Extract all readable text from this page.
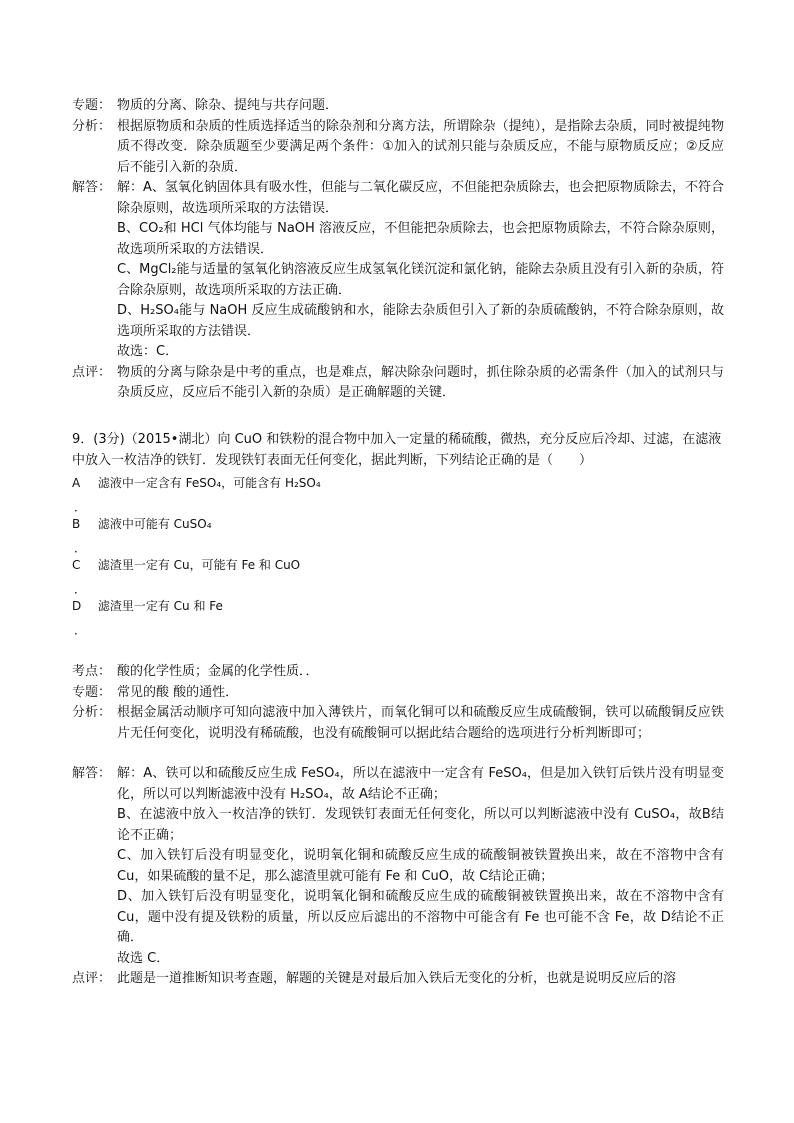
专题： 物质的分离、除杂、提纯与共存问题．
分析： 根据原物质和杂质的性质选择适当的除杂剂和分离方法，所谓除杂（提纯），是指除去杂质，同时被提纯物质不得改变．除杂质题至少要满足两个条件：①加入的试剂只能与杂质反应，不能与原物质反应；②反应后不能引入新的杂质．
解答： 解：A、氢氧化钠固体具有吸水性，但能与二氧化碳反应，不但能把杂质除去，也会把原物质除去，不符合除杂原则，故选项所采取的方法错误．
B、CO₂和 HCl 气体均能与 NaOH 溶液反应，不但能把杂质除去，也会把原物质除去，不符合除杂原则，故选项所采取的方法错误．
C、MgCl₂能与适量的氢氧化钠溶液反应生成氢氧化镁沉淀和氯化钠，能除去杂质且没有引入新的杂质，符合除杂原则，故选项所采取的方法正确．
D、H₂SO₄能与 NaOH 反应生成硫酸钠和水，能除去杂质但引入了新的杂质硫酸钠，不符合除杂原则，故选项所采取的方法错误．
故选：C．
点评： 物质的分离与除杂是中考的重点，也是难点，解决除杂问题时，抓住除杂质的必需条件（加入的试剂只与杂质反应，反应后不能引入新的杂质）是正确解题的关键．
9．(3分)（2015•湖北）向 CuO 和铁粉的混合物中加入一定量的稀硫酸，微热，充分反应后冷却、过滤，在滤液中放入一枚洁净的铁钉．发现铁钉表面无任何变化，据此判断，下列结论正确的是（　　）
A 滤液中一定含有 FeSO₄，可能含有 H₂SO₄
．
B 滤液中可能有 CuSO₄
．
C 滤渣里一定有 Cu，可能有 Fe 和 CuO
．
D 滤渣里一定有 Cu 和 Fe
．
考点： 酸的化学性质；金属的化学性质．．
专题： 常见的酸 酸的通性．
分析： 根据金属活动顺序可知向滤液中加入薄铁片，而氧化铜可以和硫酸反应生成硫酸铜，铁可以硫酸铜反应铁片无任何变化，说明没有稀硫酸，也没有硫酸铜可以据此结合题给的选项进行分析判断即可；
解答： 解：A、铁可以和硫酸反应生成 FeSO₄，所以在滤液中一定含有 FeSO₄，但是加入铁钉后铁片没有明显变化，所以可以判断滤液中没有 H₂SO₄，故 A结论不正确；
B、在滤液中放入一枚洁净的铁钉．发现铁钉表面无任何变化，所以可以判断滤液中没有 CuSO₄，故B结论不正确；
C、加入铁钉后没有明显变化，说明氧化铜和硫酸反应生成的硫酸铜被铁置换出来，故在不溶物中含有 Cu，如果硫酸的量不足，那么滤渣里就可能有 Fe 和 CuO，故 C结论正确；
D、加入铁钉后没有明显变化，说明氧化铜和硫酸反应生成的硫酸铜被铁置换出来，故在不溶物中含有 Cu，题中没有提及铁粉的质量，所以反应后滤出的不溶物中可能含有 Fe 也可能不含 Fe，故 D结论不正确．
故选 C．
点评： 此题是一道推断知识考查题，解题的关键是对最后加入铁后无变化的分析，也就是说明反应后的溶
